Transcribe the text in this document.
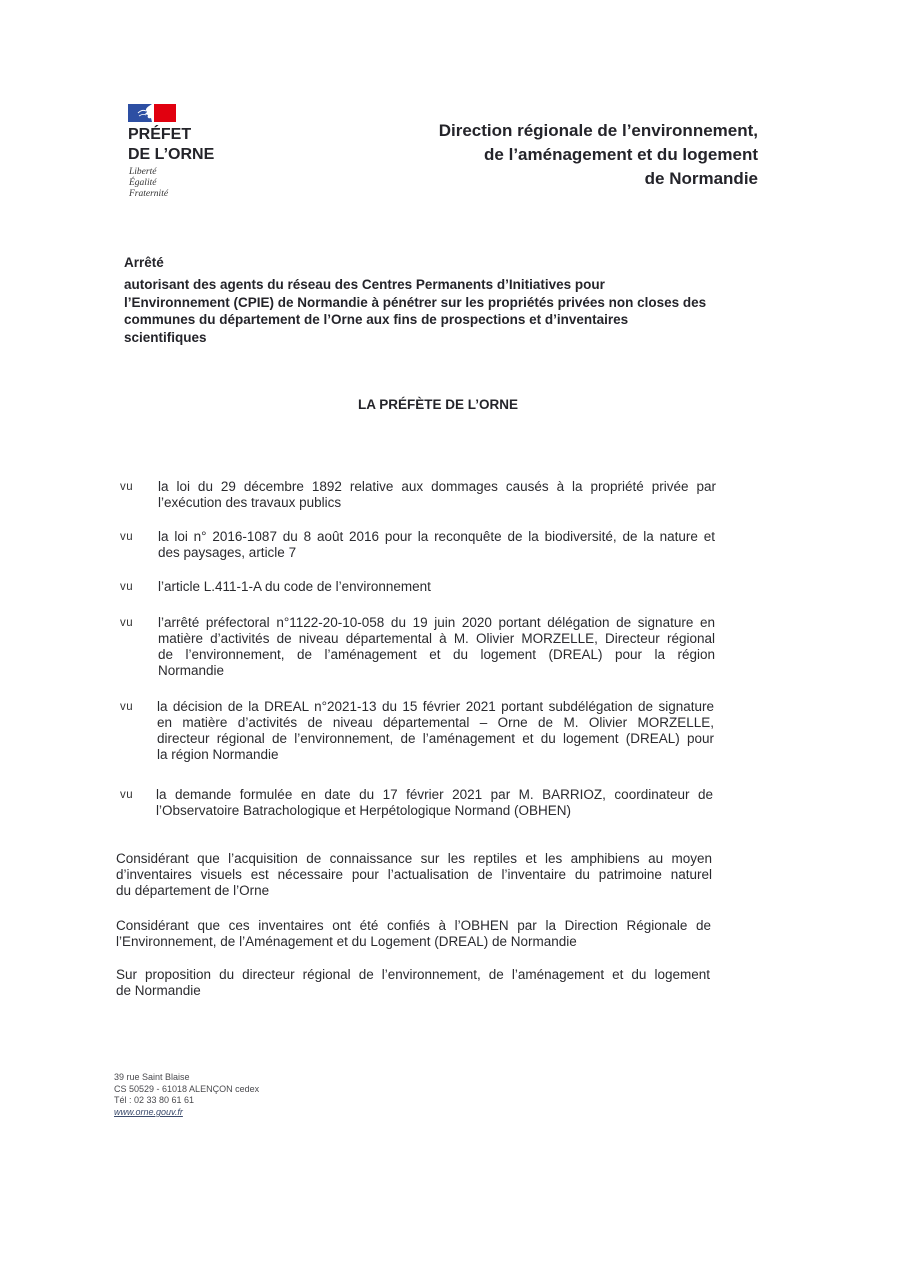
PRÉFET
DE L’ORNE
Liberté
Égalité
Fraternité
Direction régionale de l’environnement,
de l’aménagement et du logement
de Normandie
Arrêté
autorisant des agents du réseau des Centres Permanents d’Initiatives pour
l’Environnement (CPIE) de Normandie à pénétrer sur les propriétés privées non closes des
communes du département de l’Orne aux fins de prospections et d’inventaires
scientifiques
LA PRÉFÈTE DE L’ORNE
vu la loi du 29 décembre 1892 relative aux dommages causés à la propriété privée par
l’exécution des travaux publics
vu la loi n° 2016-1087 du 8 août 2016 pour la reconquête de la biodiversité, de la nature et
des paysages, article 7
vu l’article L.411-1-A du code de l’environnement
vu l’arrêté préfectoral n°1122-20-10-058 du 19 juin 2020 portant délégation de signature en
matière d’activités de niveau départemental à M. Olivier MORZELLE, Directeur régional
de l’environnement, de l’aménagement et du logement (DREAL) pour la région
Normandie
vu la décision de la DREAL n°2021-13 du 15 février 2021 portant subdélégation de signature
en matière d’activités de niveau départemental – Orne de M. Olivier MORZELLE,
directeur régional de l’environnement, de l’aménagement et du logement (DREAL) pour
la région Normandie
vu la demande formulée en date du 17 février 2021 par M. BARRIOZ, coordinateur de
l’Observatoire Batrachologique et Herpétologique Normand (OBHEN)
Considérant que l’acquisition de connaissance sur les reptiles et les amphibiens au moyen
d’inventaires visuels est nécessaire pour l’actualisation de l’inventaire du patrimoine naturel
du département de l’Orne
Considérant que ces inventaires ont été confiés à l’OBHEN par la Direction Régionale de
l’Environnement, de l’Aménagement et du Logement (DREAL) de Normandie
Sur proposition du directeur régional de l’environnement, de l’aménagement et du logement
de Normandie
39 rue Saint Blaise
CS 50529 - 61018 ALENÇON cedex
Tél : 02 33 80 61 61
www.orne.gouv.fr
